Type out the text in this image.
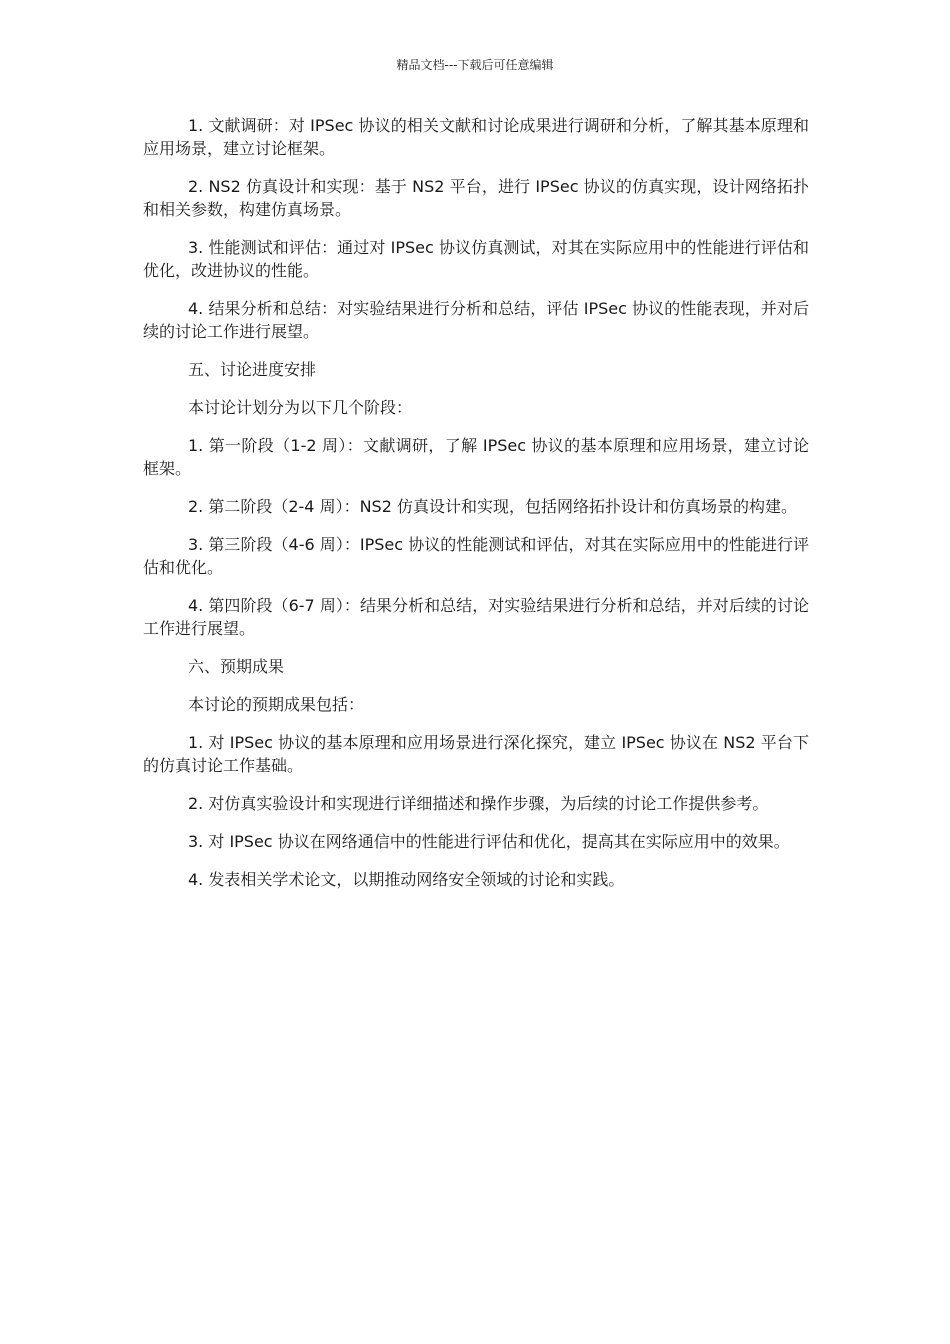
精品文档---下载后可任意编辑

1. 文献调研：对 IPSec 协议的相关文献和讨论成果进行调研和分析，了解其基本原理和应用场景，建立讨论框架。

2. NS2 仿真设计和实现：基于 NS2 平台，进行 IPSec 协议的仿真实现，设计网络拓扑和相关参数，构建仿真场景。

3. 性能测试和评估：通过对 IPSec 协议仿真测试，对其在实际应用中的性能进行评估和优化，改进协议的性能。

4. 结果分析和总结：对实验结果进行分析和总结，评估 IPSec 协议的性能表现，并对后续的讨论工作进行展望。

五、讨论进度安排

本讨论计划分为以下几个阶段：

1. 第一阶段（1-2 周）：文献调研，了解 IPSec 协议的基本原理和应用场景，建立讨论框架。

2. 第二阶段（2-4 周）：NS2 仿真设计和实现，包括网络拓扑设计和仿真场景的构建。

3. 第三阶段（4-6 周）：IPSec 协议的性能测试和评估，对其在实际应用中的性能进行评估和优化。

4. 第四阶段（6-7 周）：结果分析和总结，对实验结果进行分析和总结，并对后续的讨论工作进行展望。

六、预期成果

本讨论的预期成果包括：

1. 对 IPSec 协议的基本原理和应用场景进行深化探究，建立 IPSec 协议在 NS2 平台下的仿真讨论工作基础。

2. 对仿真实验设计和实现进行详细描述和操作步骤，为后续的讨论工作提供参考。

3. 对 IPSec 协议在网络通信中的性能进行评估和优化，提高其在实际应用中的效果。

4. 发表相关学术论文，以期推动网络安全领域的讨论和实践。
